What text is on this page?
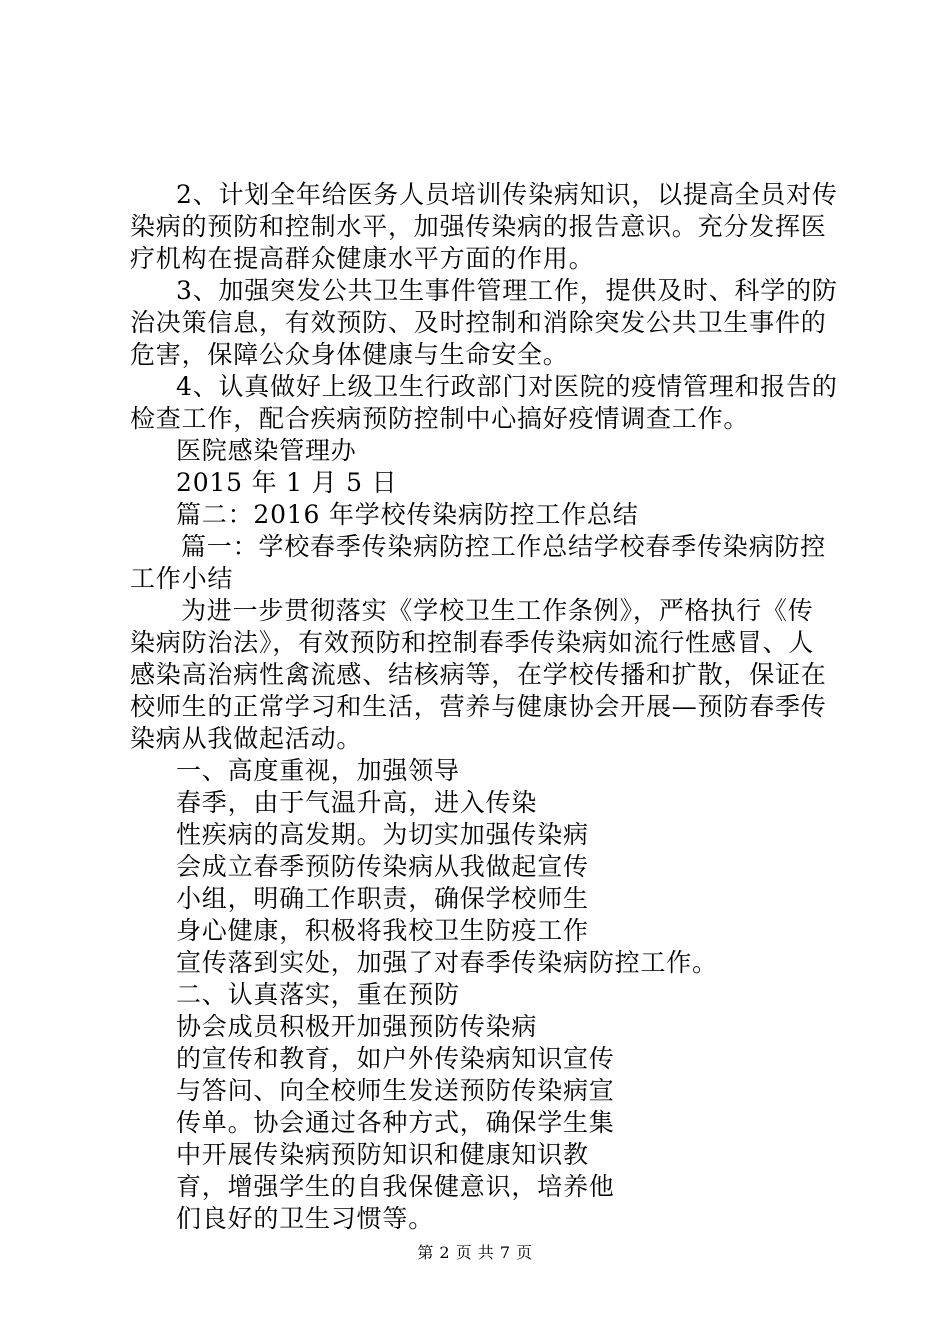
2、计划全年给医务人员培训传染病知识，以提高全员对传
染病的预防和控制水平，加强传染病的报告意识。充分发挥医
疗机构在提高群众健康水平方面的作用。
3、加强突发公共卫生事件管理工作，提供及时、科学的防
治决策信息，有效预防、及时控制和消除突发公共卫生事件的
危害，保障公众身体健康与生命安全。
4、认真做好上级卫生行政部门对医院的疫情管理和报告的
检查工作，配合疾病预防控制中心搞好疫情调查工作。
医院感染管理办
2015 年 1 月 5 日
篇二：2016 年学校传染病防控工作总结
篇一：学校春季传染病防控工作总结学校春季传染病防控
工作小结
为进一步贯彻落实《学校卫生工作条例》，严格执行《传
染病防治法》，有效预防和控制春季传染病如流行性感冒、人
感染高治病性禽流感、结核病等，在学校传播和扩散，保证在
校师生的正常学习和生活，营养与健康协会开展—预防春季传
染病从我做起活动。
一、高度重视，加强领导
春季，由于气温升高，进入传染
性疾病的高发期。为切实加强传染病
会成立春季预防传染病从我做起宣传
小组，明确工作职责，确保学校师生
身心健康，积极将我校卫生防疫工作
宣传落到实处，加强了对春季传染病防控工作。
二、认真落实，重在预防
协会成员积极开加强预防传染病
的宣传和教育，如户外传染病知识宣传
与答问、向全校师生发送预防传染病宣
传单。协会通过各种方式，确保学生集
中开展传染病预防知识和健康知识教
育，增强学生的自我保健意识，培养他
们良好的卫生习惯等。
第 2 页 共 7 页
